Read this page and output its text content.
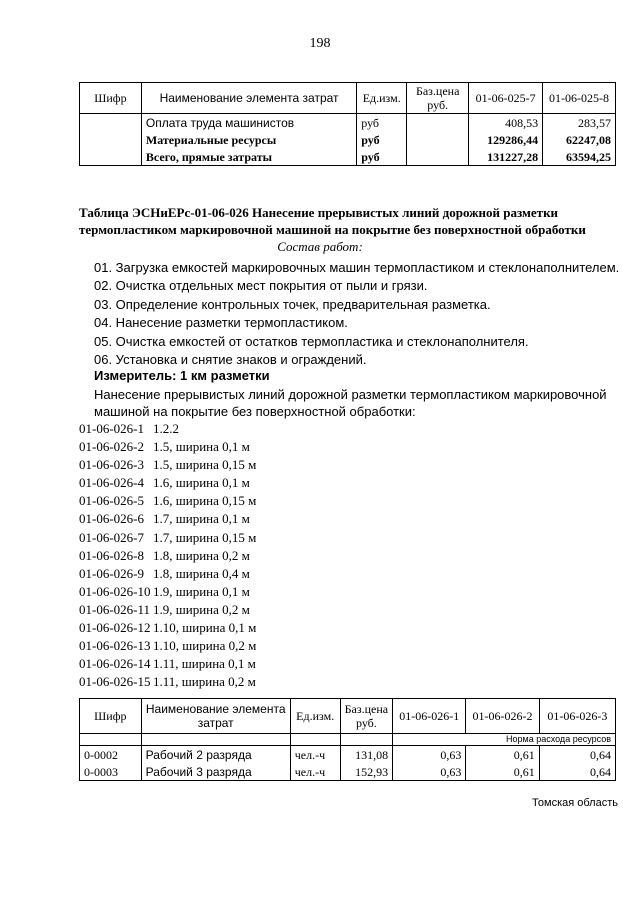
198
Шифр	Наименование элемента затрат	Ед.изм.	Баз.цена руб.	01-06-025-7	01-06-025-8
	Оплата труда машинистов	руб		408,53	283,57
	Материальные ресурсы	руб		129286,44	62247,08
	Всего, прямые затраты	руб		131227,28	63594,25
Таблица ЭСНиЕРс-01-06-026 Нанесение прерывистых линий дорожной разметки термопластиком маркировочной машиной на покрытие без поверхностной обработки
Состав работ:
01. Загрузка емкостей маркировочных машин термопластиком и стеклонаполнителем.
02. Очистка отдельных мест покрытия от пыли и грязи.
03. Определение контрольных точек, предварительная разметка.
04. Нанесение разметки термопластиком.
05. Очистка емкостей от остатков термопластика и стеклонаполнителя.
06. Установка и снятие знаков и ограждений.
Измеритель: 1 км разметки
Нанесение прерывистых линий дорожной разметки термопластиком маркировочной машиной на покрытие без поверхностной обработки:
01-06-026-1 1.2.2
01-06-026-2 1.5, ширина 0,1 м
01-06-026-3 1.5, ширина 0,15 м
01-06-026-4 1.6, ширина 0,1 м
01-06-026-5 1.6, ширина 0,15 м
01-06-026-6 1.7, ширина 0,1 м
01-06-026-7 1.7, ширина 0,15 м
01-06-026-8 1.8, ширина 0,2 м
01-06-026-9 1.8, ширина 0,4 м
01-06-026-10 1.9, ширина 0,1 м
01-06-026-11 1.9, ширина 0,2 м
01-06-026-12 1.10, ширина 0,1 м
01-06-026-13 1.10, ширина 0,2 м
01-06-026-14 1.11, ширина 0,1 м
01-06-026-15 1.11, ширина 0,2 м
Шифр	Наименование элемента затрат	Ед.изм.	Баз.цена руб.	01-06-026-1	01-06-026-2	01-06-026-3
				Норма расхода ресурсов		
0-0002	Рабочий 2 разряда	чел.-ч	131,08	0,63	0,61	0,64
0-0003	Рабочий 3 разряда	чел.-ч	152,93	0,63	0,61	0,64
Томская область
